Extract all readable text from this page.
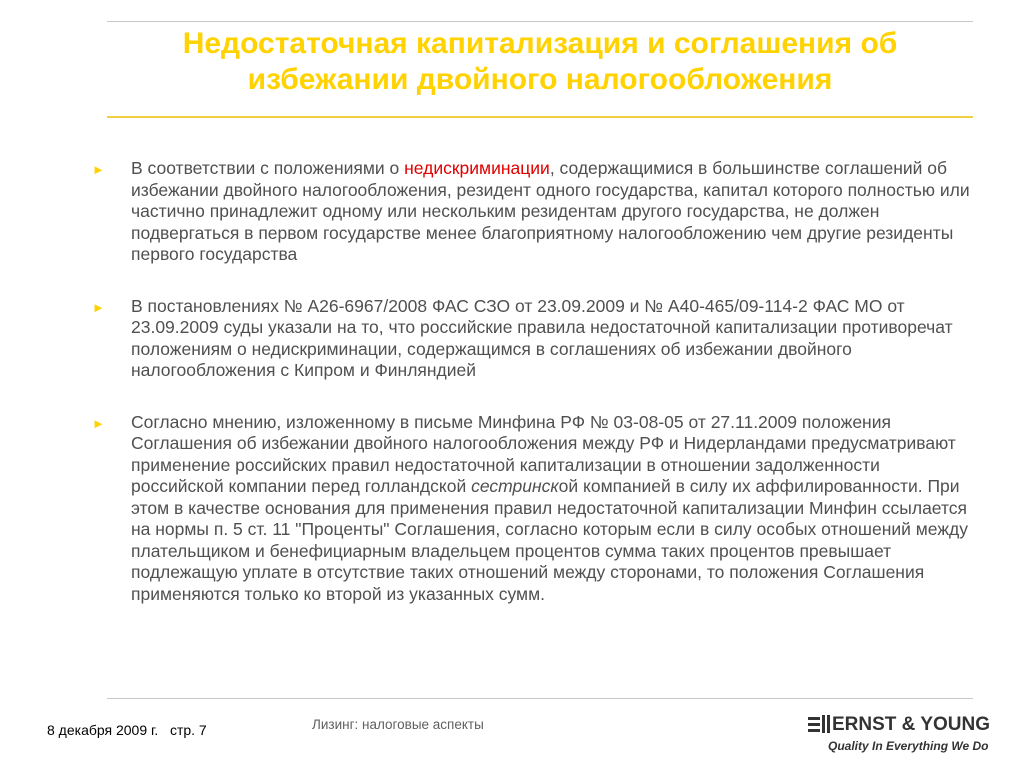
Недостаточная капитализация и соглашения об
избежании двойного налогообложения
► В соответствии с положениями о недискриминации, содержащимися в большинстве соглашений об избежании двойного налогообложения, резидент одного государства, капитал которого полностью или частично принадлежит одному или нескольким резидентам другого государства, не должен подвергаться в первом государстве менее благоприятному налогообложению чем другие резиденты первого государства
► В постановлениях № А26-6967/2008 ФАС СЗО от 23.09.2009 и № А40-465/09-114-2 ФАС МО от 23.09.2009 суды указали на то, что российские правила недостаточной капитализации противоречат положениям о недискриминации, содержащимся в соглашениях об избежании двойного налогообложения с Кипром и Финляндией
► Согласно мнению, изложенному в письме Минфина РФ № 03-08-05 от 27.11.2009 положения Соглашения об избежании двойного налогообложения между РФ и Нидерландами предусматривают применение российских правил недостаточной капитализации в отношении задолженности российской компании перед голландской сестринской компанией в силу их аффилированности. При этом в качестве основания для применения правил недостаточной капитализации Минфин ссылается на нормы п. 5 ст. 11 "Проценты" Соглашения, согласно которым если в силу особых отношений между плательщиком и бенефициарным владельцем процентов сумма таких процентов превышает подлежащую уплате в отсутствие таких отношений между сторонами, то положения Соглашения применяются только ко второй из указанных сумм.
8 декабря 2009 г.   стр. 7	Лизинг: налоговые аспекты	ERNST & YOUNG
Quality In Everything We Do
